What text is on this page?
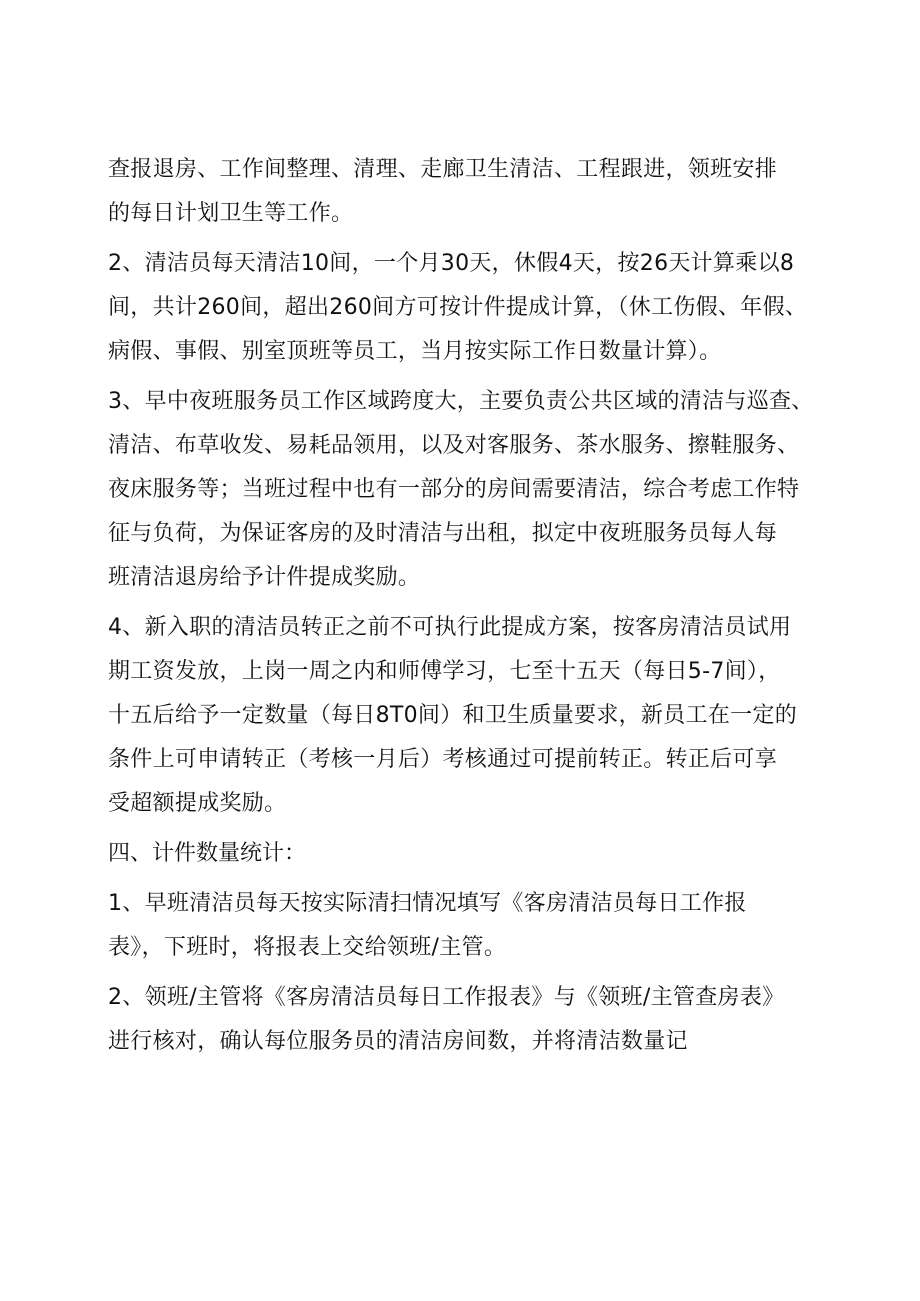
查报退房、工作间整理、清理、走廊卫生清洁、工程跟进，领班安排
的每日计划卫生等工作。
2、清洁员每天清洁10间，一个月30天，休假4天，按26天计算乘以8
间，共计260间，超出260间方可按计件提成计算，（休工伤假、年假、
病假、事假、别室顶班等员工，当月按实际工作日数量计算）。
3、早中夜班服务员工作区域跨度大，主要负责公共区域的清洁与巡查、
清洁、布草收发、易耗品领用，以及对客服务、茶水服务、擦鞋服务、
夜床服务等；当班过程中也有一部分的房间需要清洁，综合考虑工作特
征与负荷，为保证客房的及时清洁与出租，拟定中夜班服务员每人每
班清洁退房给予计件提成奖励。
4、新入职的清洁员转正之前不可执行此提成方案，按客房清洁员试用
期工资发放，上岗一周之内和师傅学习，七至十五天（每日5-7间），
十五后给予一定数量（每日8T0间）和卫生质量要求，新员工在一定的
条件上可申请转正（考核一月后）考核通过可提前转正。转正后可享
受超额提成奖励。
四、计件数量统计：
1、早班清洁员每天按实际清扫情况填写《客房清洁员每日工作报
表》，下班时，将报表上交给领班/主管。
2、领班/主管将《客房清洁员每日工作报表》与《领班/主管查房表》
进行核对，确认每位服务员的清洁房间数，并将清洁数量记
